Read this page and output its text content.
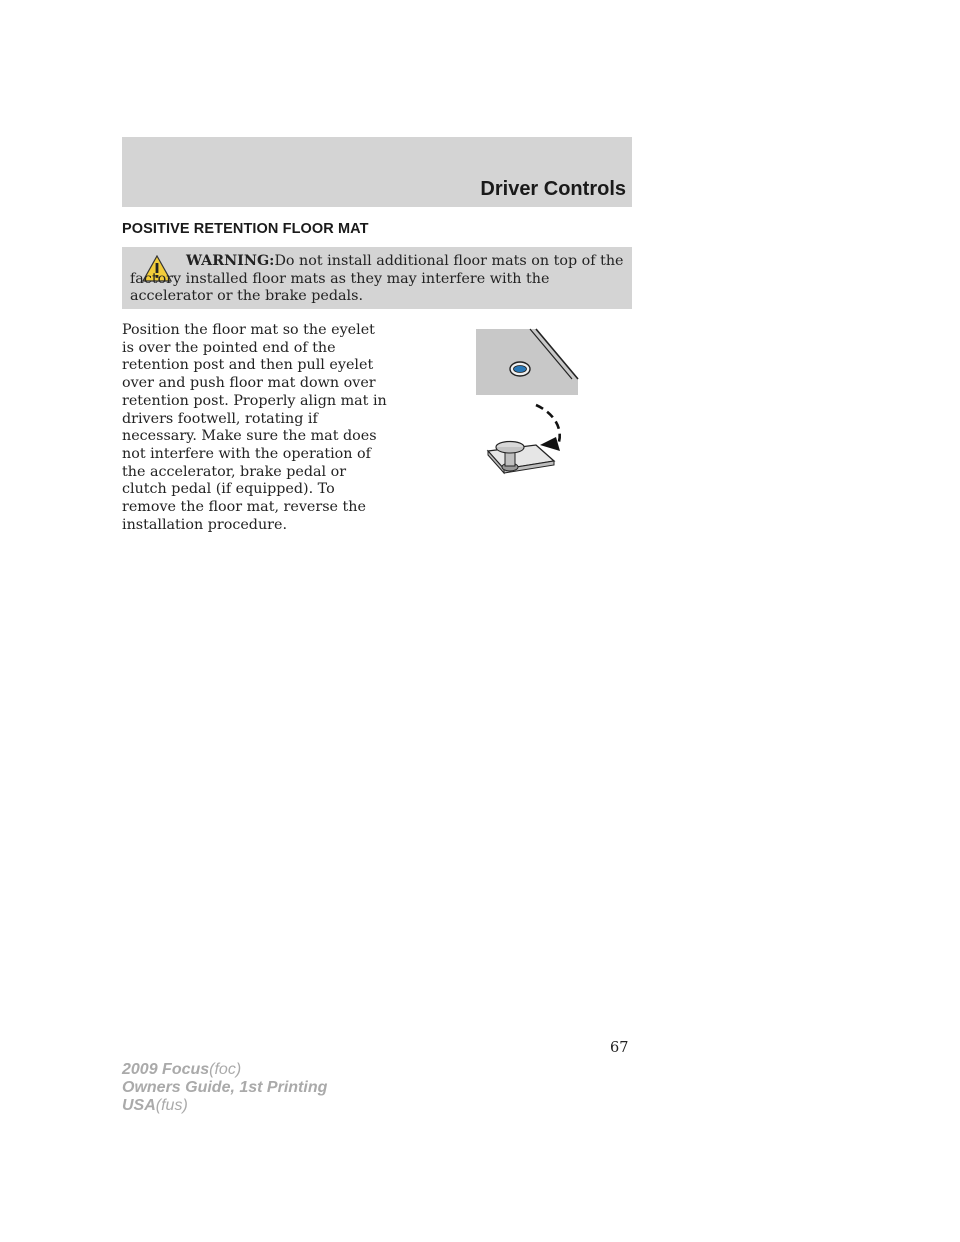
Driver Controls
POSITIVE RETENTION FLOOR MAT
WARNING:Do not install additional floor mats on top of the factory installed floor mats as they may interfere with the accelerator or the brake pedals.
Position the floor mat so the eyelet
is over the pointed end of the
retention post and then pull eyelet
over and push floor mat down over
retention post. Properly align mat in
drivers footwell, rotating if
necessary. Make sure the mat does
not interfere with the operation of
the accelerator, brake pedal or
clutch pedal (if equipped). To
remove the floor mat, reverse the
installation procedure.
67
2009 Focus(foc)
Owners Guide, 1st Printing
USA(fus)
